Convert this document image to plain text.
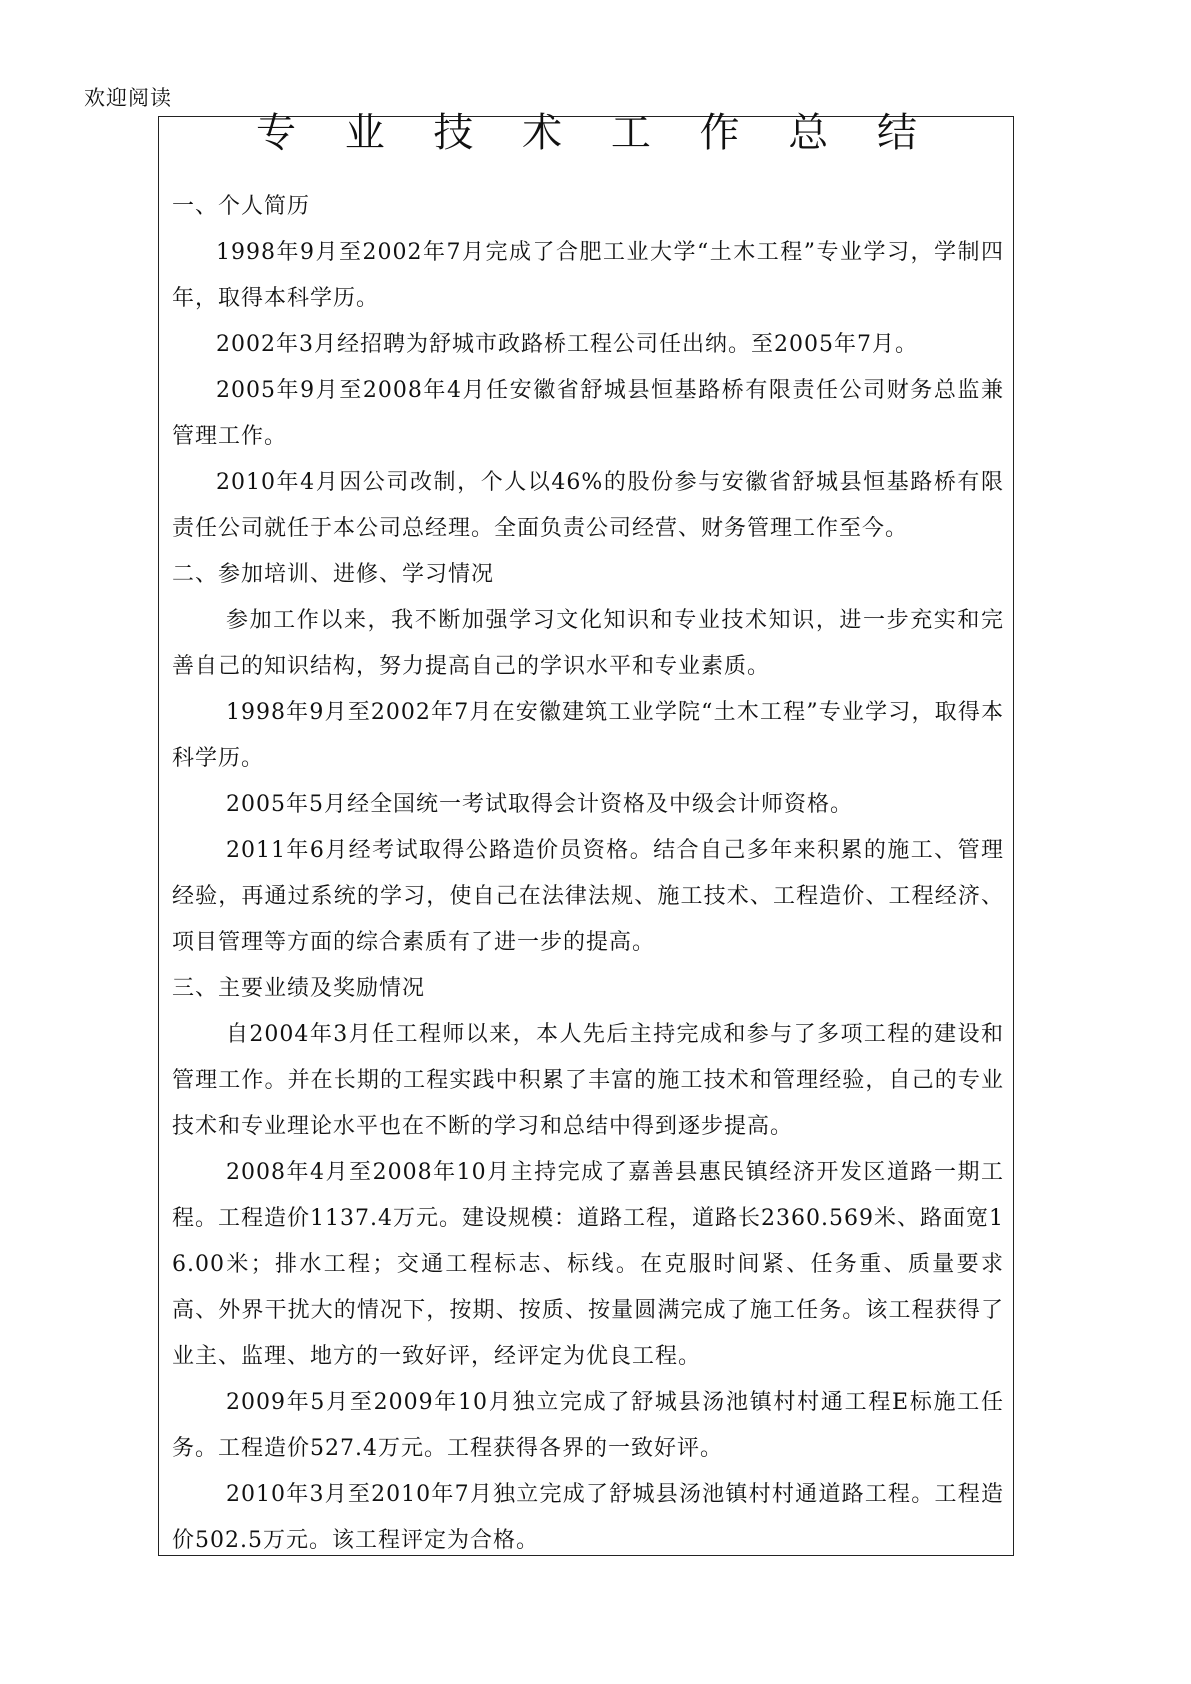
欢迎阅读
专 业 技 术 工 作 总 结
一、个人简历
1998年9月至2002年7月完成了合肥工业大学“土木工程”专业学习，学制四年，取得本科学历。
2002年3月经招聘为舒城市政路桥工程公司任出纳。至2005年7月。
2005年9月至2008年4月任安徽省舒城县恒基路桥有限责任公司财务总监兼管理工作。
2010年4月因公司改制，个人以46%的股份参与安徽省舒城县恒基路桥有限责任公司就任于本公司总经理。全面负责公司经营、财务管理工作至今。
二、参加培训、进修、学习情况
参加工作以来，我不断加强学习文化知识和专业技术知识，进一步充实和完善自己的知识结构，努力提高自己的学识水平和专业素质。
1998年9月至2002年7月在安徽建筑工业学院“土木工程”专业学习，取得本科学历。
2005年5月经全国统一考试取得会计资格及中级会计师资格。
2011年6月经考试取得公路造价员资格。结合自己多年来积累的施工、管理经验，再通过系统的学习，使自己在法律法规、施工技术、工程造价、工程经济、项目管理等方面的综合素质有了进一步的提高。
三、主要业绩及奖励情况
自2004年3月任工程师以来，本人先后主持完成和参与了多项工程的建设和管理工作。并在长期的工程实践中积累了丰富的施工技术和管理经验，自己的专业技术和专业理论水平也在不断的学习和总结中得到逐步提高。
2008年4月至2008年10月主持完成了嘉善县惠民镇经济开发区道路一期工程。工程造价1137.4万元。建设规模：道路工程，道路长2360.569米、路面宽16.00米；排水工程；交通工程标志、标线。在克服时间紧、任务重、质量要求高、外界干扰大的情况下，按期、按质、按量圆满完成了施工任务。该工程获得了业主、监理、地方的一致好评，经评定为优良工程。
2009年5月至2009年10月独立完成了舒城县汤池镇村村通工程E标施工任务。工程造价527.4万元。工程获得各界的一致好评。
2010年3月至2010年7月独立完成了舒城县汤池镇村村通道路工程。工程造价502.5万元。该工程评定为合格。
